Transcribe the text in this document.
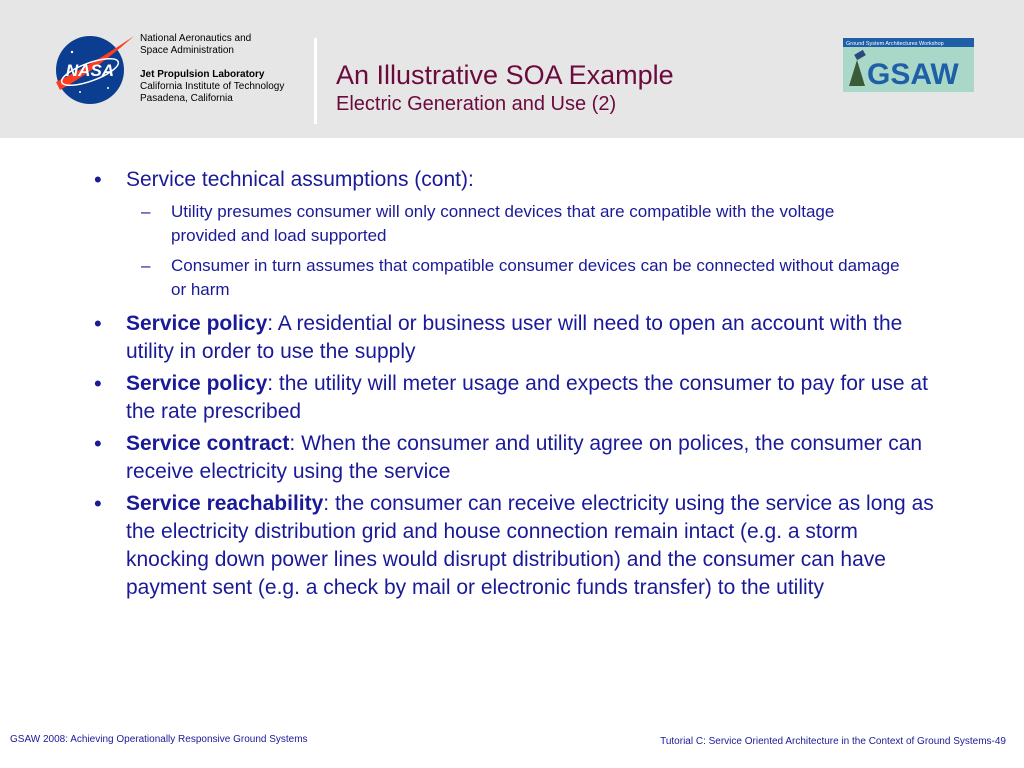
NASA
National Aeronautics and
Space Administration
Jet Propulsion Laboratory
California Institute of Technology
Pasadena, California
An Illustrative SOA Example
Electric Generation and Use (2)
Ground System Architectures Workshop
GSAW
• Service technical assumptions (cont):
– Utility presumes consumer will only connect devices that are compatible with the voltage provided and load supported
– Consumer in turn assumes that compatible consumer devices can be connected without damage or harm
• Service policy: A residential or business user will need to open an account with the utility in order to use the supply
• Service policy: the utility will meter usage and expects the consumer to pay for use at the rate prescribed
• Service contract: When the consumer and utility agree on polices, the consumer can receive electricity using the service
• Service reachability: the consumer can receive electricity using the service as long as the electricity distribution grid and house connection remain intact (e.g. a storm knocking down power lines would disrupt distribution) and the consumer can have payment sent (e.g. a check by mail or electronic funds transfer) to the utility
GSAW 2008: Achieving Operationally Responsive Ground Systems	Tutorial C: Service Oriented Architecture in the Context of Ground Systems-49
